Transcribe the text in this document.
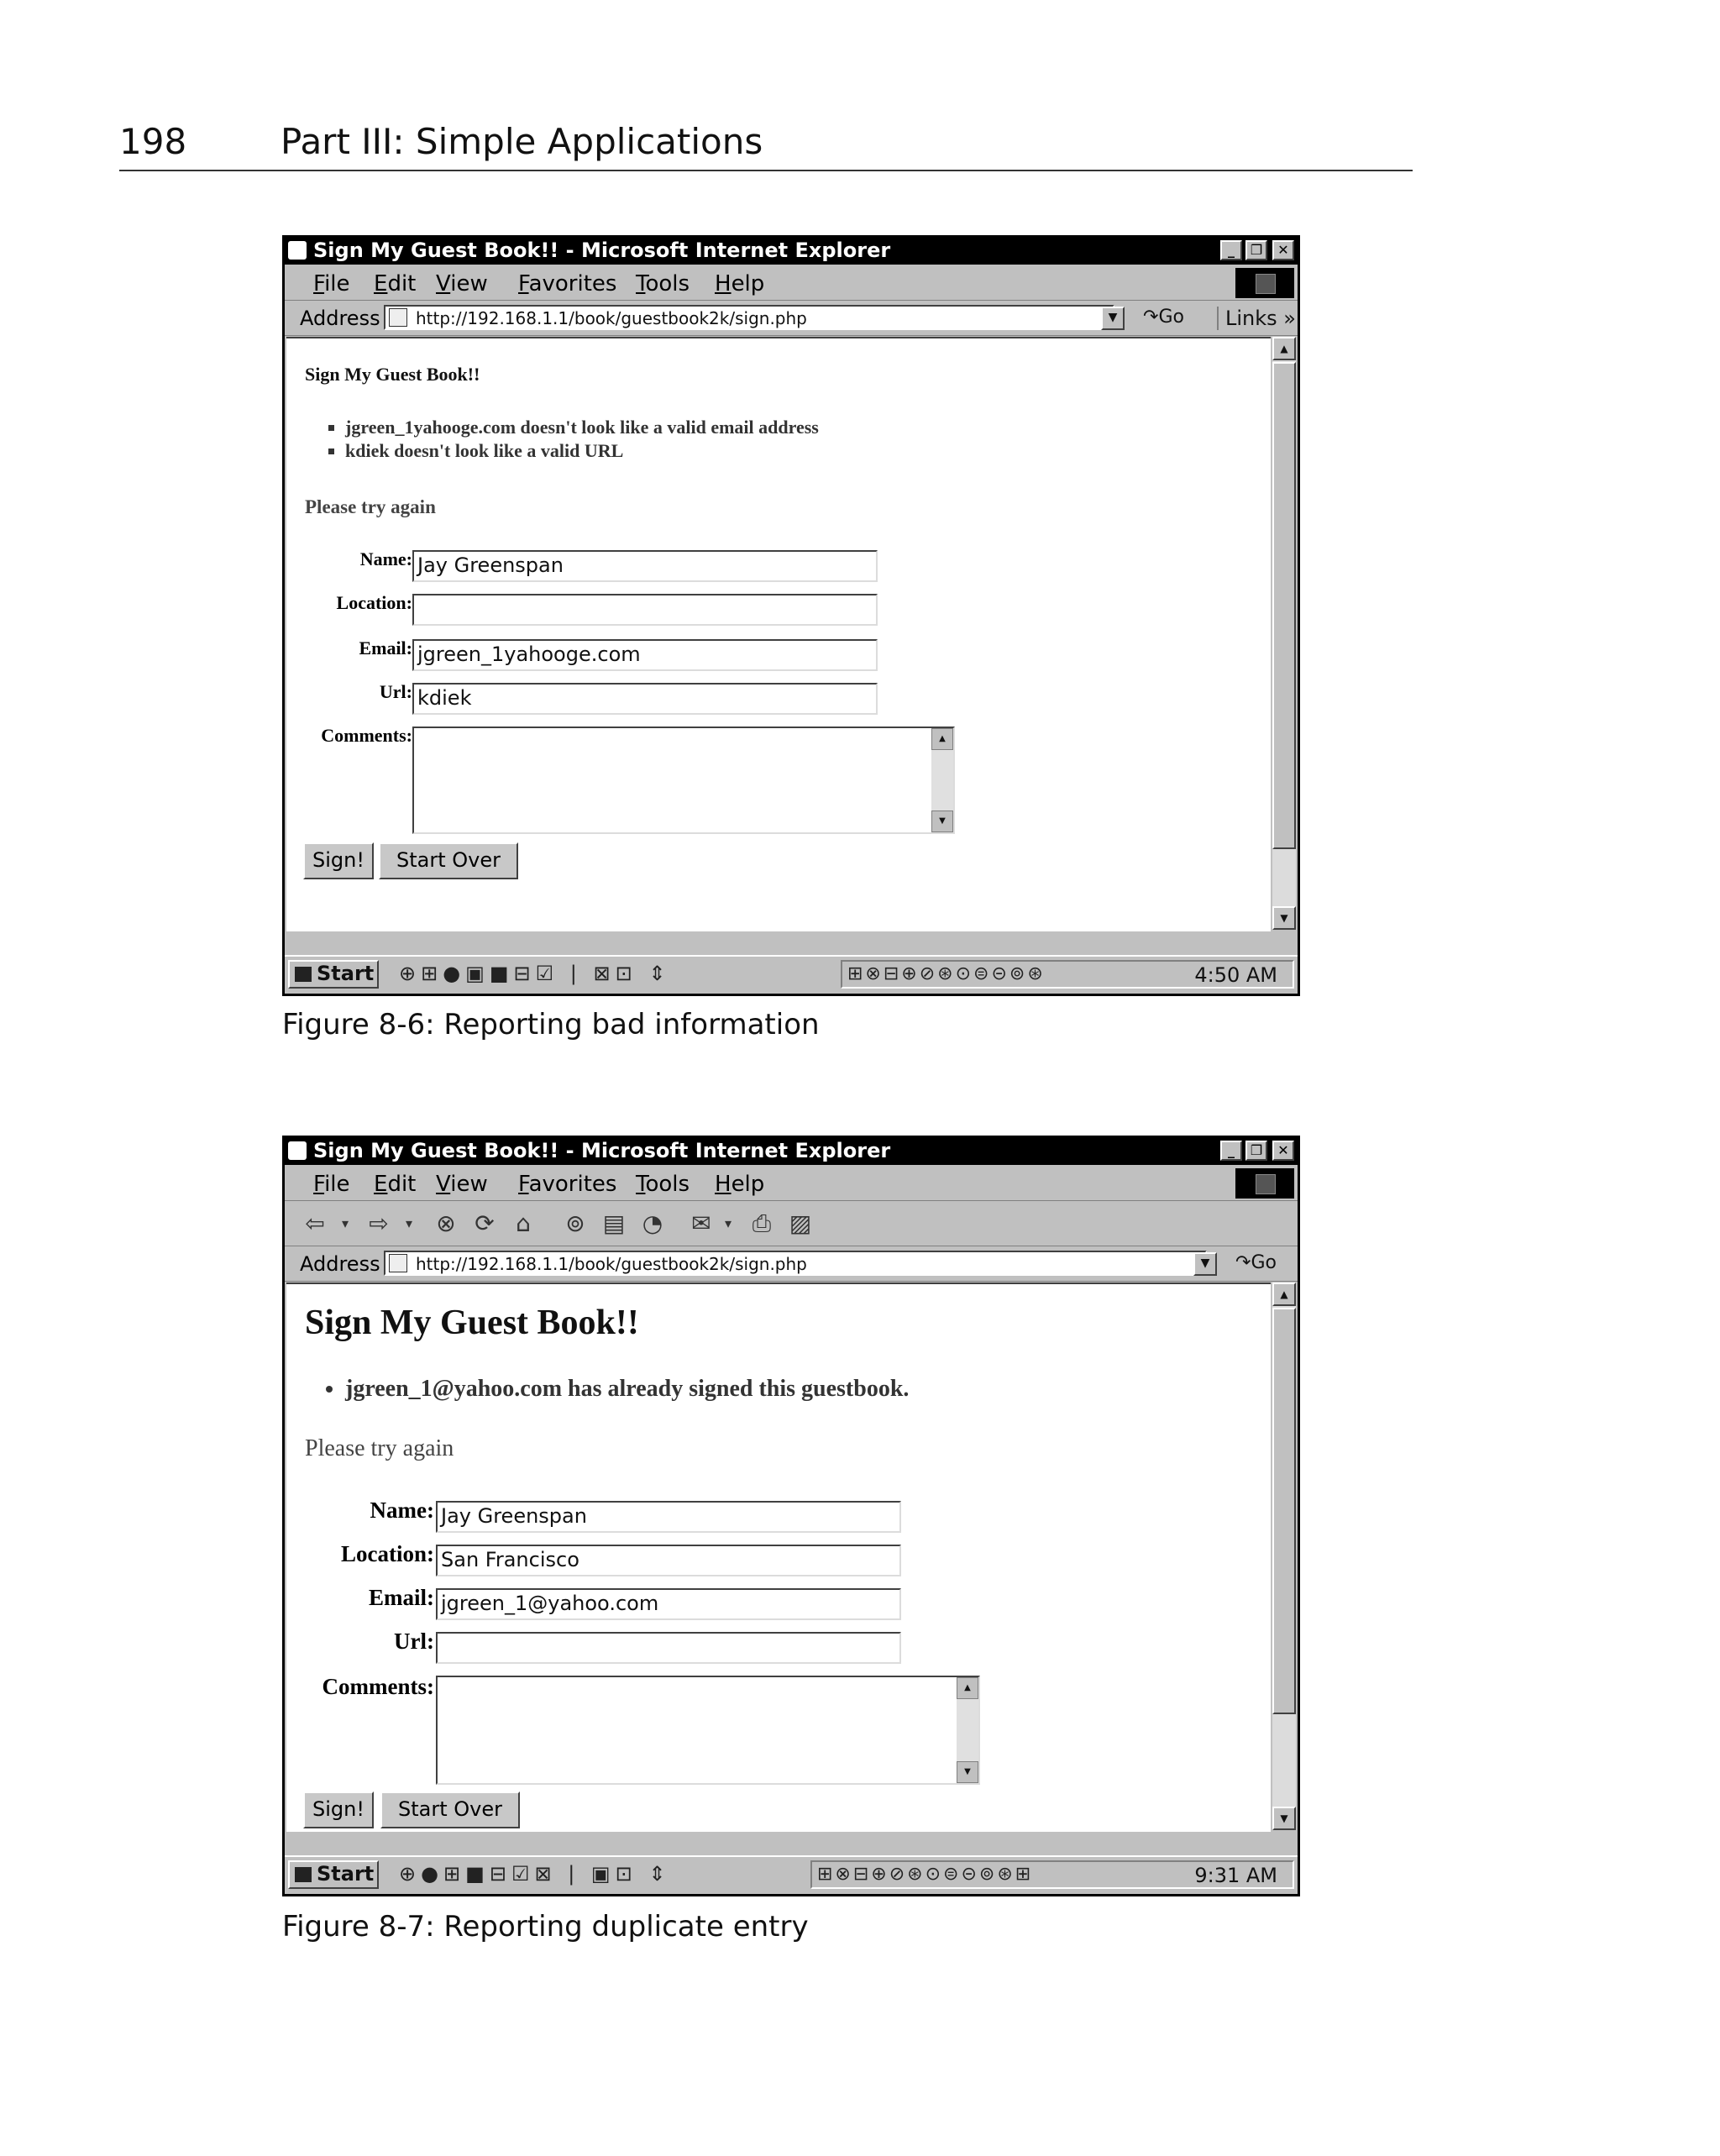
198	Part III: Simple Applications
Sign My Guest Book!! - Microsoft Internet Explorer	_	❐	✕
File Edit View Favorites Tools Help
Address http://192.168.1.1/book/guestbook2k/sign.php	▼	↷Go	Links »
Sign My Guest Book!!
▪ jgreen_1yahooge.com doesn't look like a valid email address
▪ kdiek doesn't look like a valid URL
Please try again
Name: Jay Greenspan
Location:
Email: jgreen_1yahooge.com
Url: kdiek
Comments:	▲
▼
Sign!	Start Over
▲
▼
Start ⊕⊞●▣■⊟☑ | ⊠⊡ ⇕	⊞⊗⊟⊕⊘⊛⊙⊜⊝⊚⊛	4:50 AM
Figure 8-6: Reporting bad information
Sign My Guest Book!! - Microsoft Internet Explorer	_	❐	✕
File Edit View Favorites Tools Help
⇦	▾ ⇨	▾	⊗ ⟳ ⌂ ⊚ ▤ ◔ ✉	▾ ⎙ ▨
Address http://192.168.1.1/book/guestbook2k/sign.php	▼	↷Go
Sign My Guest Book!!
• jgreen_1@yahoo.com has already signed this guestbook.
Please try again
Name: Jay Greenspan
Location: San Francisco
Email: jgreen_1@yahoo.com
Url:
Comments:	▲
▼
Sign!	Start Over
▲
▼
Start ⊕●⊞■⊟☑⊠ | ▣⊡ ⇕	⊞⊗⊟⊕⊘⊛⊙⊜⊝⊚⊛⊞	9:31 AM
Figure 8-7: Reporting duplicate entry
